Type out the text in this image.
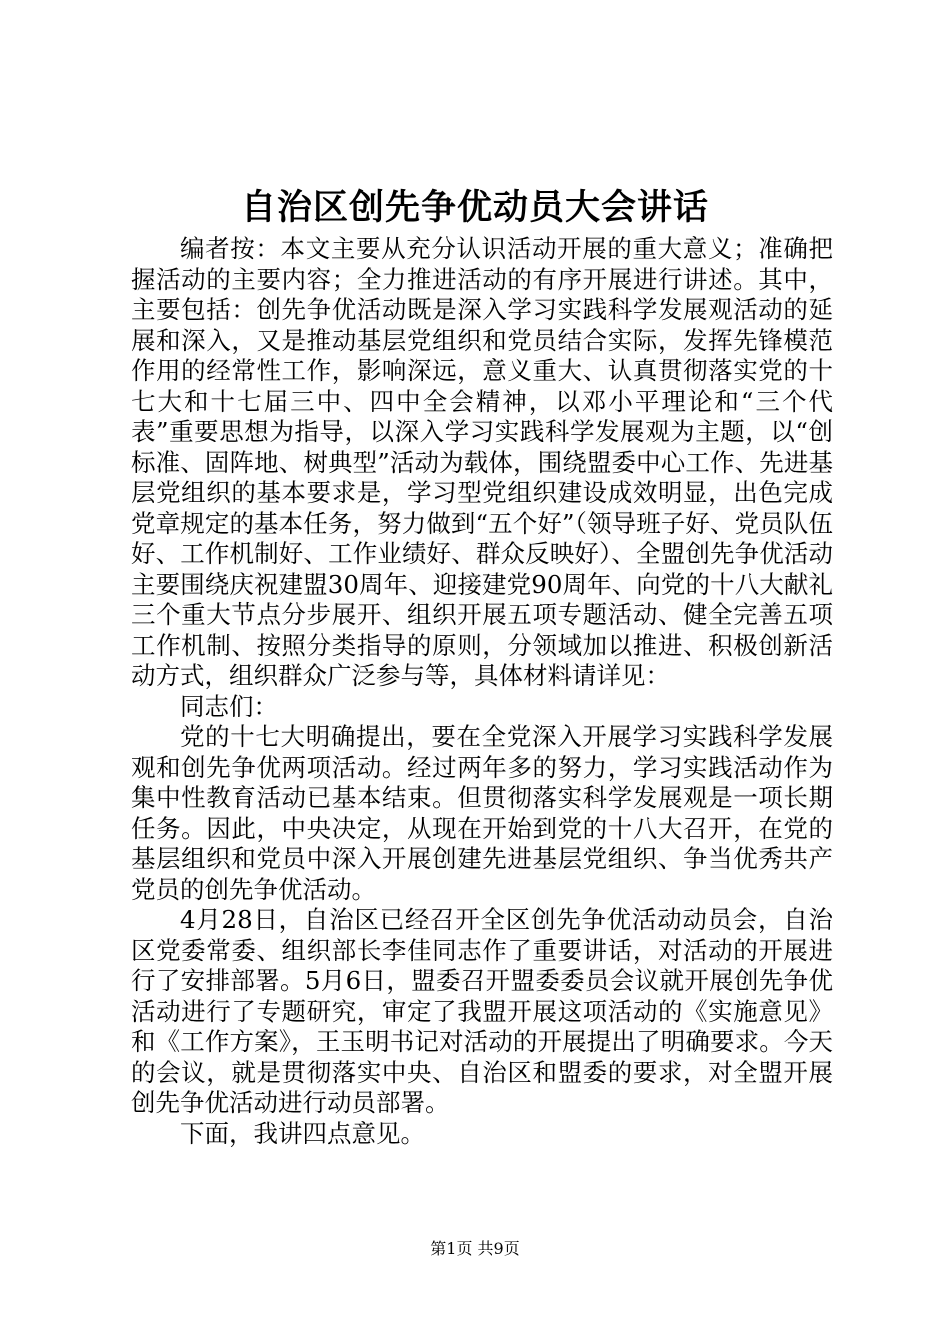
自治区创先争优动员大会讲话

编者按：本文主要从充分认识活动开展的重大意义；准确把握活动的主要内容；全力推进活动的有序开展进行讲述。其中，主要包括：创先争优活动既是深入学习实践科学发展观活动的延展和深入，又是推动基层党组织和党员结合实际，发挥先锋模范作用的经常性工作，影响深远，意义重大、认真贯彻落实党的十七大和十七届三中、四中全会精神，以邓小平理论和“三个代表”重要思想为指导，以深入学习实践科学发展观为主题，以“创标准、固阵地、树典型”活动为载体，围绕盟委中心工作、先进基层党组织的基本要求是，学习型党组织建设成效明显，出色完成党章规定的基本任务，努力做到“五个好”（领导班子好、党员队伍好、工作机制好、工作业绩好、群众反映好）、全盟创先争优活动主要围绕庆祝建盟30周年、迎接建党90周年、向党的十八大献礼三个重大节点分步展开、组织开展五项专题活动、健全完善五项工作机制、按照分类指导的原则，分领域加以推进、积极创新活动方式，组织群众广泛参与等，具体材料请详见：

同志们：

党的十七大明确提出，要在全党深入开展学习实践科学发展观和创先争优两项活动。经过两年多的努力，学习实践活动作为集中性教育活动已基本结束。但贯彻落实科学发展观是一项长期任务。因此，中央决定，从现在开始到党的十八大召开，在党的基层组织和党员中深入开展创建先进基层党组织、争当优秀共产党员的创先争优活动。

4月28日，自治区已经召开全区创先争优活动动员会，自治区党委常委、组织部长李佳同志作了重要讲话，对活动的开展进行了安排部署。5月6日，盟委召开盟委委员会议就开展创先争优活动进行了专题研究，审定了我盟开展这项活动的《实施意见》和《工作方案》，王玉明书记对活动的开展提出了明确要求。今天的会议，就是贯彻落实中央、自治区和盟委的要求，对全盟开展创先争优活动进行动员部署。

下面，我讲四点意见。

第1页 共9页
